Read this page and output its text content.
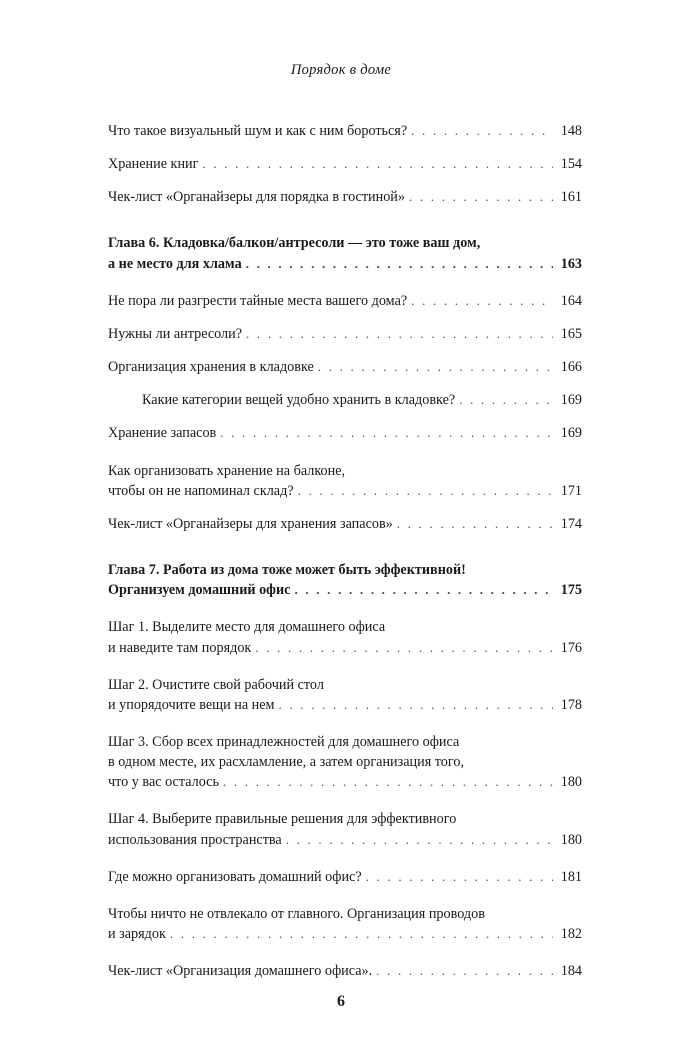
Порядок в доме
Что такое визуальный шум и как с ним бороться? . . .	148
Хранение книг . . .	154
Чек-лист «Органайзеры для порядка в гостиной» . . .	161
Глава 6. Кладовка/балкон/антресоли — это тоже ваш дом,
а не место для хлама . . .	163
Не пора ли разгрести тайные места вашего дома? . . .	164
Нужны ли антресоли? . . .	165
Организация хранения в кладовке . . .	166
Какие категории вещей удобно хранить в кладовке? . . .	169
Хранение запасов . . .	169
Как организовать хранение на балконе,
чтобы он не напоминал склад? . . .	171
Чек-лист «Органайзеры для хранения запасов» . . .	174
Глава 7. Работа из дома тоже может быть эффективной!
Организуем домашний офис . . .	175
Шаг 1. Выделите место для домашнего офиса
и наведите там порядок . . .	176
Шаг 2. Очистите свой рабочий стол
и упорядочите вещи на нем . . .	178
Шаг 3. Сбор всех принадлежностей для домашнего офиса
в одном месте, их расхламление, а затем организация того,
что у вас осталось . . .	180
Шаг 4. Выберите правильные решения для эффективного
использования пространства . . .	180
Где можно организовать домашний офис? . . .	181
Чтобы ничто не отвлекало от главного. Организация проводов
и зарядок . . .	182
Чек-лист «Организация домашнего офиса». . . .	184
6
